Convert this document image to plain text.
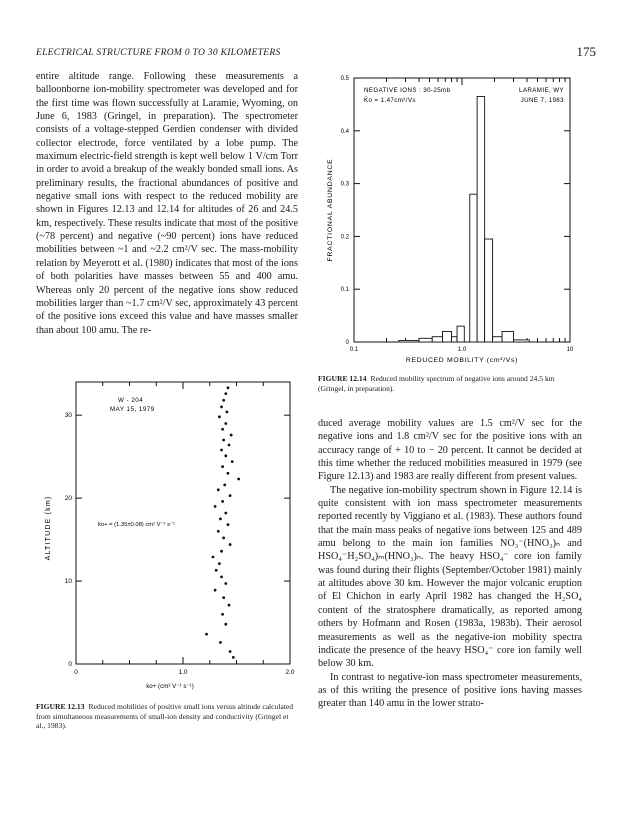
ELECTRICAL STRUCTURE FROM 0 TO 30 KILOMETERS	175

entire altitude range. Following these measurements a balloonborne ion-mobility spectrometer was developed and for the first time was flown successfully at Laramie, Wyoming, on June 6, 1983 (Gringel, in preparation). The spectrometer consists of a voltage-stepped Gerdien condenser with divided collector electrode, force ventilated by a lobe pump. The maximum electric-field strength is kept well below 1 V/cm Torr in order to avoid a breakup of the weakly bonded small ions. As preliminary results, the fractional abundances of positive and negative small ions with respect to the reduced mobility are shown in Figures 12.13 and 12.14 for altitudes of 26 and 24.5 km, respectively. These results indicate that most of the positive (~78 percent) and negative (~90 percent) ions have reduced mobilities between ~1 and ~2.2 cm²/V sec. The mass-mobility relation by Meyerott et al. (1980) indicates that most of the ions of both polarities have masses between 55 and 400 amu. Whereas only 20 percent of the negative ions show reduced mobilities larger than ~1.7 cm²/V sec, approximately 43 percent of the positive ions exceed this value and have masses smaller than about 100 amu. The re-

0
0.1
0.2
0.3
0.4
0.5
0.1	1.0	10
NEGATIVE IONS : 30-25mb
K̄o = 1.47cm²/Vs
LARAMIE, WY
JUNE 7, 1983
FRACTIONAL ABUNDANCE
REDUCED MOBILITY (cm²/Vs)
FIGURE 12.14 Reduced mobility spectrum of negative ions around 24.5 km (Gringel, in preparation).
0
10
20
30
0	1.0	2.0
W - 204
MAY 15, 1979
k̄o+ = (1.35±0.08) cm² V⁻¹ s⁻¹
ALTITUDE (km)
ko+ (cm² V⁻¹ s⁻¹)
FIGURE 12.13 Reduced mobilities of positive small ions versus altitude calculated from simultaneous measurements of small-ion density and conductivity (Gringel et al., 1983).

duced average mobility values are 1.5 cm²/V sec for the negative ions and 1.8 cm²/V sec for the positive ions with an accuracy range of + 10 to − 20 percent. It cannot be decided at this time whether the reduced mobilities measured in 1979 (see Figure 12.13) and 1983 are really different from present values.

The negative ion-mobility spectrum shown in Figure 12.14 is quite consistent with ion mass spectrometer measurements reported recently by Viggiano et al. (1983). These authors found that the main mass peaks of negative ions between 125 and 489 amu belong to the main ion families NO₃⁻(HNO₃)ₙ and HSO₄⁻H₂SO₄)ₘ(HNO₃)ₙ. The heavy HSO₄⁻ core ion family was found during their flights (September/October 1981) mainly at altitudes above 30 km. However the major volcanic eruption of El Chichon in early April 1982 has changed the H₂SO₄ content of the stratosphere dramatically, as reported among others by Hofmann and Rosen (1983a, 1983b). Their aerosol measurements as well as the negative-ion mobility spectra indicate the presence of the heavy HSO₄⁻ core ion family well below 30 km.

In contrast to negative-ion mass spectrometer measurements, as of this writing the presence of positive ions having masses greater than 140 amu in the lower strato-
